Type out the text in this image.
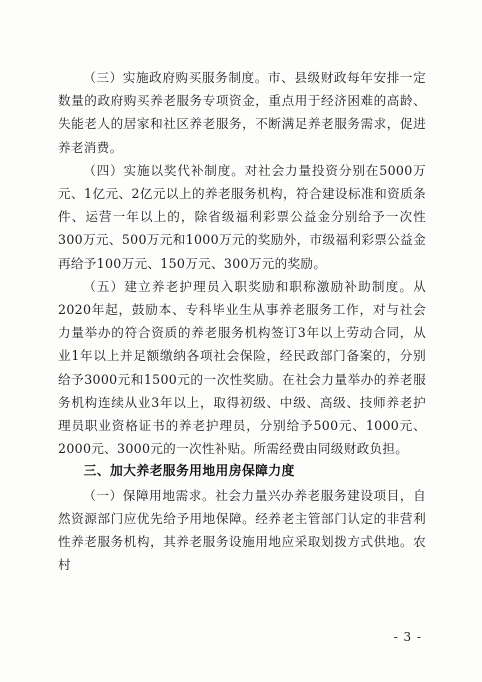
（三）实施政府购买服务制度。市、县级财政每年安排一定数量的政府购买养老服务专项资金，重点用于经济困难的高龄、失能老人的居家和社区养老服务，不断满足养老服务需求，促进养老消费。

（四）实施以奖代补制度。对社会力量投资分别在5000万元、1亿元、2亿元以上的养老服务机构，符合建设标准和资质条件、运营一年以上的，除省级福利彩票公益金分别给予一次性300万元、500万元和1000万元的奖励外，市级福利彩票公益金再给予100万元、150万元、300万元的奖励。

（五）建立养老护理员入职奖励和职称激励补助制度。从2020年起，鼓励本、专科毕业生从事养老服务工作，对与社会力量举办的符合资质的养老服务机构签订3年以上劳动合同，从业1年以上并足额缴纳各项社会保险，经民政部门备案的，分别给予3000元和1500元的一次性奖励。在社会力量举办的养老服务机构连续从业3年以上，取得初级、中级、高级、技师养老护理员职业资格证书的养老护理员，分别给予500元、1000元、2000元、3000元的一次性补贴。所需经费由同级财政负担。

三、加大养老服务用地用房保障力度

（一）保障用地需求。社会力量兴办养老服务建设项目，自然资源部门应优先给予用地保障。经养老主管部门认定的非营利性养老服务机构，其养老服务设施用地应采取划拨方式供地。农村

- 3 -
